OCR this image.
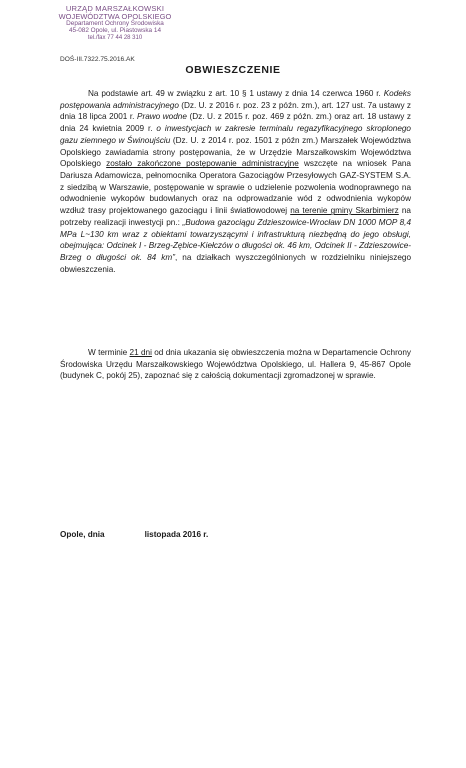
URZĄD MARSZAŁKOWSKI
WOJEWÓDZTWA OPOLSKIEGO
Departament Ochrony Środowiska
45-082 Opole, ul. Piastowska 14
tel./fax 77 44 28 310
DOŚ-III.7322.75.2016.AK
OBWIESZCZENIE

Na podstawie art. 49 w związku z art. 10 § 1 ustawy z dnia 14 czerwca 1960 r. Kodeks postępowania administracyjnego (Dz. U. z 2016 r. poz. 23 z późn. zm.), art. 127 ust. 7a ustawy z dnia 18 lipca 2001 r. Prawo wodne (Dz. U. z 2015 r. poz. 469 z późn. zm.) oraz art. 18 ustawy z dnia 24 kwietnia 2009 r. o inwestycjach w zakresie terminalu regazyfikacyjnego skroplonego gazu ziemnego w Świnoujściu (Dz. U. z 2014 r. poz. 1501 z późn zm.) Marszałek Województwa Opolskiego zawiadamia strony postępowania, że w Urzędzie Marszałkowskim Województwa Opolskiego zostało zakończone postępowanie administracyjne wszczęte na wniosek Pana Dariusza Adamowicza, pełnomocnika Operatora Gazociągów Przesyłowych GAZ-SYSTEM S.A. z siedzibą w Warszawie, postępowanie w sprawie o udzielenie pozwolenia wodnoprawnego na odwodnienie wykopów budowlanych oraz na odprowadzanie wód z odwodnienia wykopów wzdłuż trasy projektowanego gazociągu i linii światłowodowej na terenie gminy Skarbimierz na potrzeby realizacji inwestycji pn.: „Budowa gazociągu Zdzieszowice-Wrocław DN 1000 MOP 8,4 MPa L~130 km wraz z obiektami towarzyszącymi i infrastrukturą niezbędną do jego obsługi, obejmująca: Odcinek I - Brzeg-Zębice-Kiełczów o długości ok. 46 km, Odcinek II - Zdzieszowice-Brzeg o długości ok. 84 km”, na działkach wyszczególnionych w rozdzielniku niniejszego obwieszczenia.

W terminie 21 dni od dnia ukazania się obwieszczenia można w Departamencie Ochrony Środowiska Urzędu Marszałkowskiego Województwa Opolskiego, ul. Hallera 9, 45-867 Opole (budynek C, pokój 25), zapoznać się z całością dokumentacji zgromadzonej w sprawie.

Opole, dnia	listopada 2016 r.
